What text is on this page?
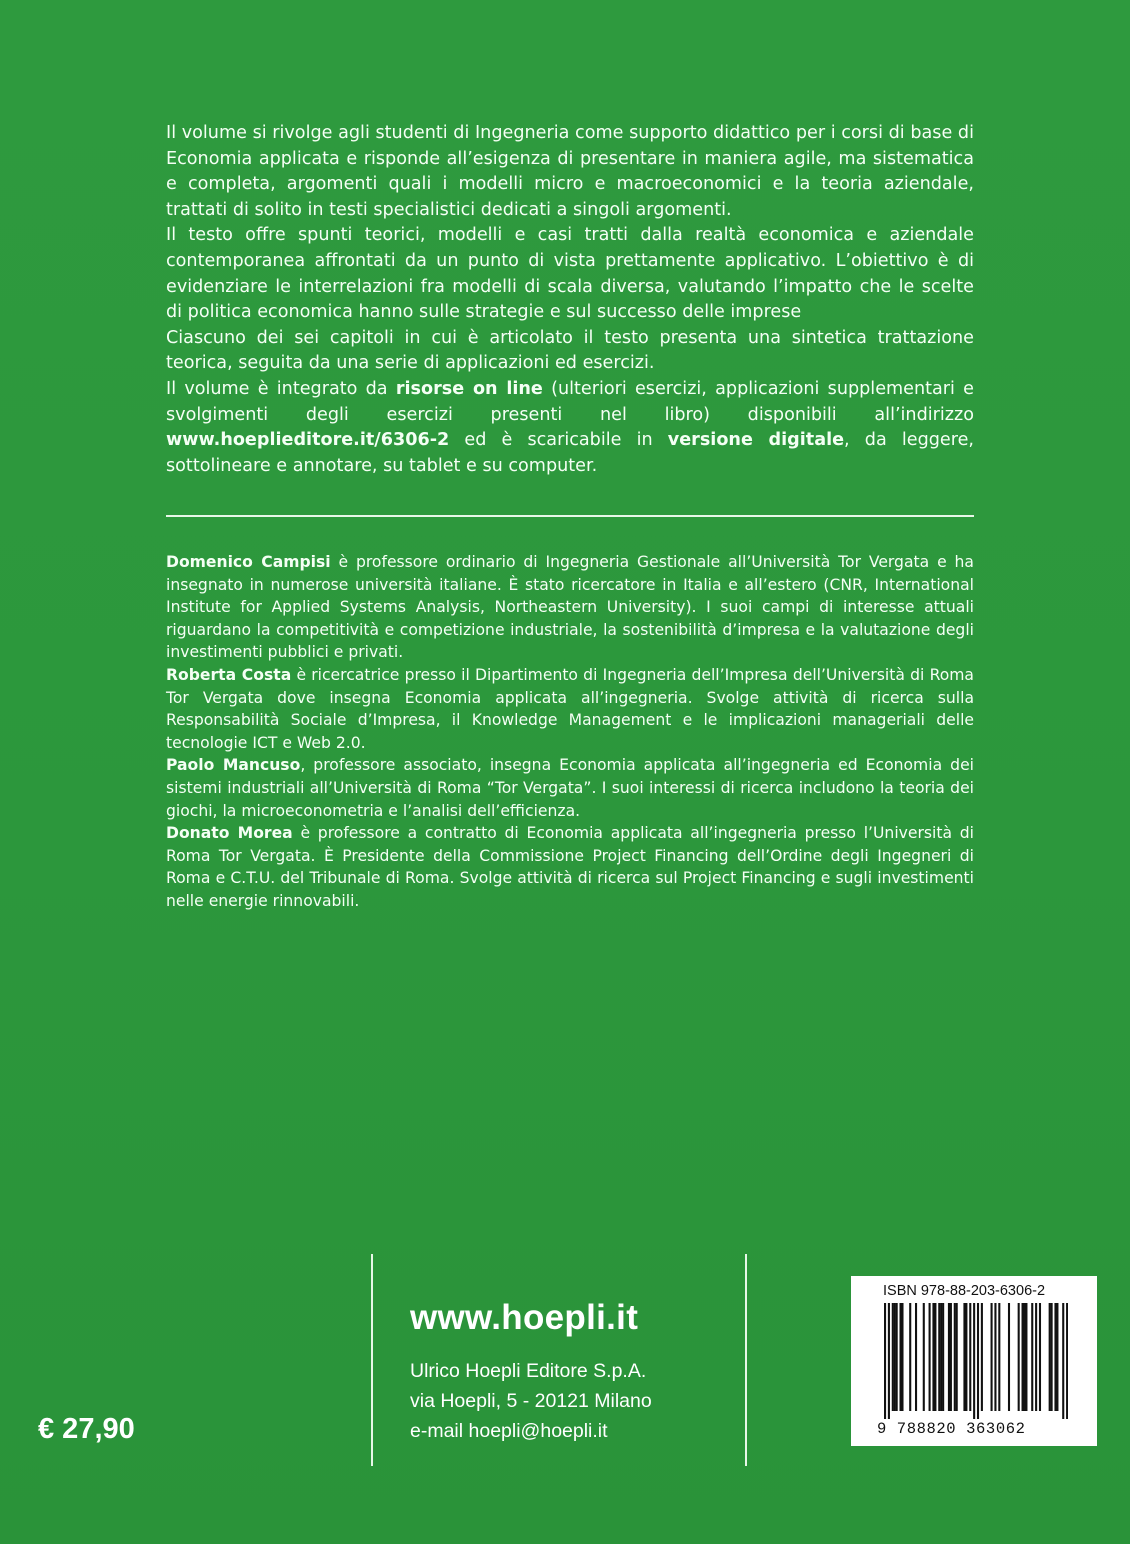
Il volume si rivolge agli studenti di Ingegneria come supporto didattico per i corsi di base di Economia applicata e risponde all’esigenza di presentare in maniera agile, ma sistematica e completa, argomenti quali i modelli micro e macroeconomici e la teoria aziendale, trattati di solito in testi specialistici dedicati a singoli argomenti.

Il testo offre spunti teorici, modelli e casi tratti dalla realtà economica e aziendale contemporanea affrontati da un punto di vista prettamente applicativo. L’obiettivo è di evidenziare le interrelazioni fra modelli di scala diversa, valutando l’impatto che le scelte di politica economica hanno sulle strategie e sul successo delle imprese

Ciascuno dei sei capitoli in cui è articolato il testo presenta una sintetica trattazione teorica, seguita da una serie di applicazioni ed esercizi.

Il volume è integrato da risorse on line (ulteriori esercizi, applicazioni supplementari e svolgimenti degli esercizi presenti nel libro) disponibili all’indirizzo www.hoeplieditore.it/6306-2 ed è scaricabile in versione digitale, da leggere, sottolineare e annotare, su tablet e su computer.

Domenico Campisi è professore ordinario di Ingegneria Gestionale all’Università Tor Vergata e ha insegnato in numerose università italiane. È stato ricercatore in Italia e all’estero (CNR, International Institute for Applied Systems Analysis, Northeastern University). I suoi campi di interesse attuali riguardano la competitività e competizione industriale, la sostenibilità d’impresa e la valutazione degli investimenti pubblici e privati.

Roberta Costa è ricercatrice presso il Dipartimento di Ingegneria dell’Impresa dell’Università di Roma Tor Vergata dove insegna Economia applicata all’ingegneria. Svolge attività di ricerca sulla Responsabilità Sociale d’Impresa, il Knowledge Management e le implicazioni manageriali delle tecnologie ICT e Web 2.0.

Paolo Mancuso, professore associato, insegna Economia applicata all’ingegneria ed Economia dei sistemi industriali all’Università di Roma “Tor Vergata”. I suoi interessi di ricerca includono la teoria dei giochi, la microeconometria e l’analisi dell’efficienza.

Donato Morea è professore a contratto di Economia applicata all’ingegneria presso l’Università di Roma Tor Vergata. È Presidente della Commissione Project Financing dell’Ordine degli Ingegneri di Roma e C.T.U. del Tribunale di Roma. Svolge attività di ricerca sul Project Financing e sugli investimenti nelle energie rinnovabili.

€ 27,90
www.hoepli.it
Ulrico Hoepli Editore S.p.A.
via Hoepli, 5 - 20121 Milano
e-mail hoepli@hoepli.it
ISBN 978-88-203-6306-2
9 788820 363062
